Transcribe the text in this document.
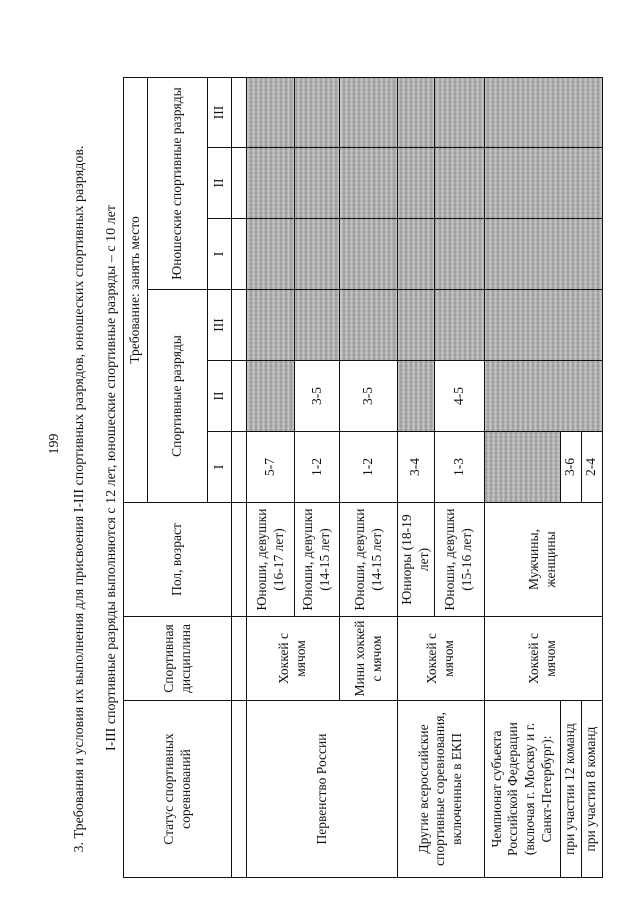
199 3. Требования и условия их выполнения для присвоения I-III спортивных разрядов, юношеских спортивных разрядов.	I-III спортивные разряды выполняются с 12 лет, юношеские спортивные разряды – с 10 лет
Статус спортивных соревнований	Спортивная дисциплина	Пол, возраст	Требование: занять место					
			Спортивные разряды			Юношеские спортивные разряды		
			I	II	III	I	II	III

Первенство России	Хоккей с мячом	Юноши, девушки (16-17 лет)	5-7					
		Юноши, девушки (14-15 лет)	1-2	3-5				
	Мини хоккей с мячом	Юноши, девушки (14-15 лет)	1-2	3-5				
Другие всероссийские спортивные соревнования, включенные в ЕКП	Хоккей с мячом	Юниоры (18-19 лет)	3-4					
		Юноши, девушки (15-16 лет)	1-3	4-5				
Чемпионат субъекта Российской Федерации (включая г. Москву и г. Санкт-Петербург):	Хоккей с мячом	Мужчины, женщины						
при участии 12 команд			3-6					
при участии 8 команд			2-4					
